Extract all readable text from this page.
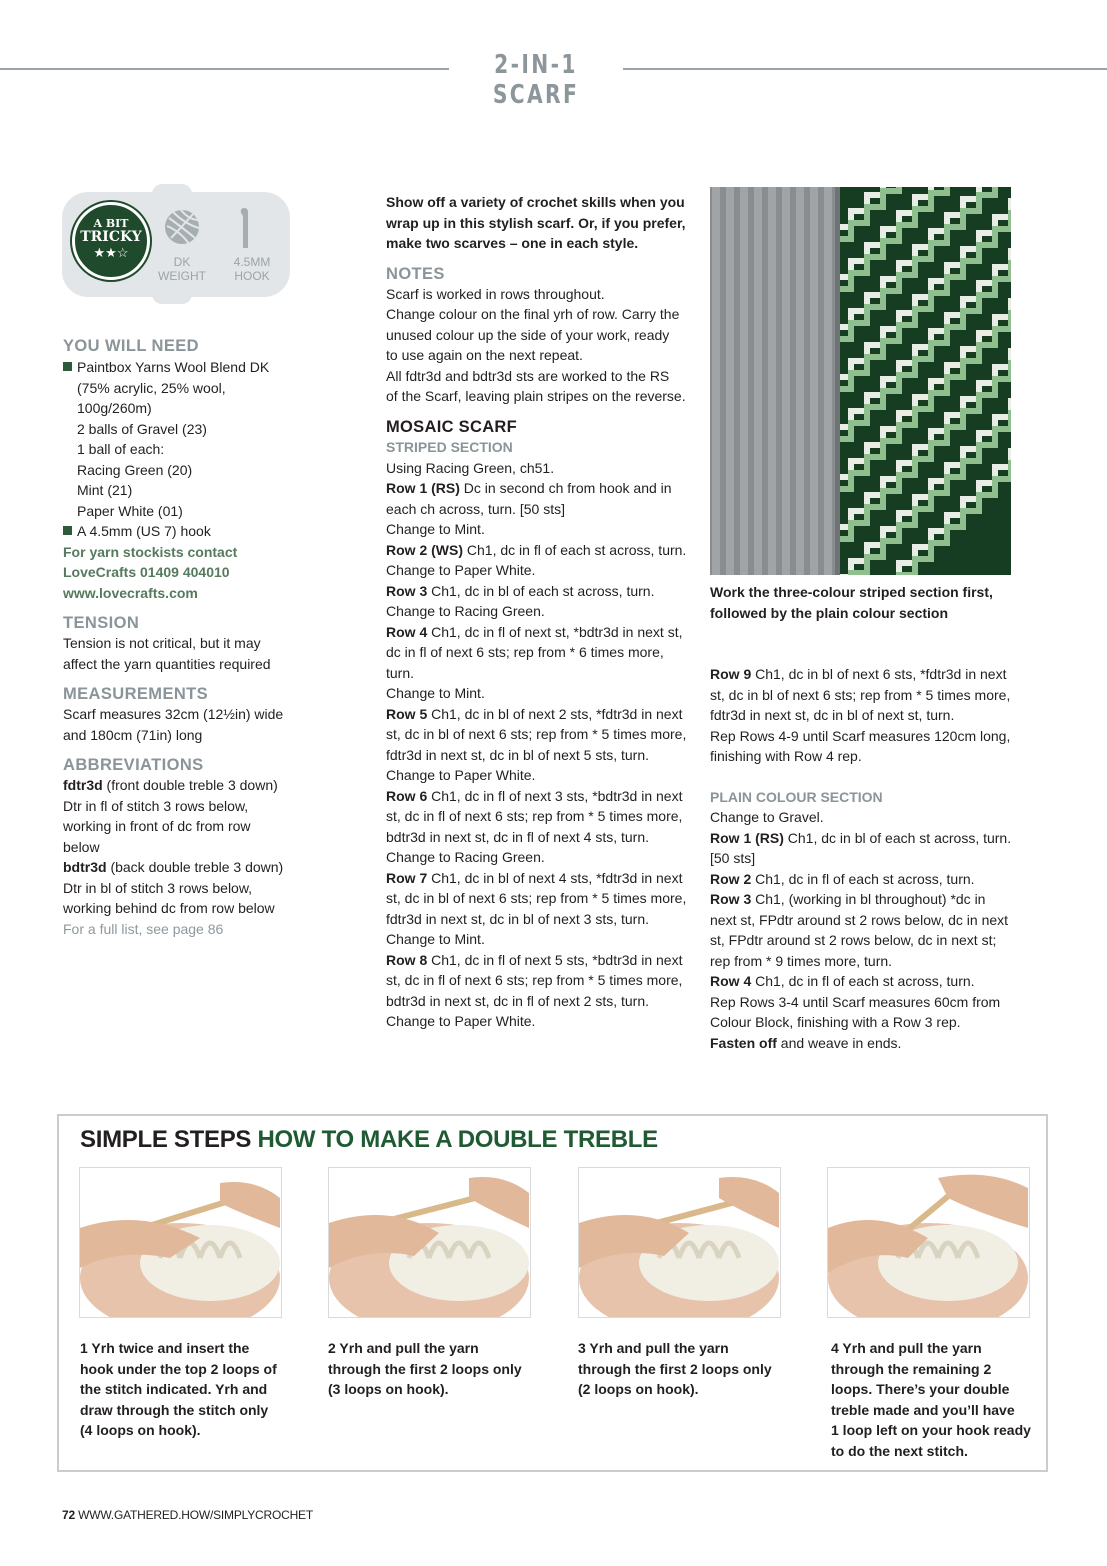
2-IN-1 SCARF
A BIT
TRICKY
★★☆
DK
WEIGHT
4.5MM
HOOK

YOU WILL NEED

Paintbox Yarns Wool Blend DK

(75% acrylic, 25% wool,

100g/260m)

2 balls of Gravel (23)

1 ball of each:

Racing Green (20)

Mint (21)

Paper White (01)

A 4.5mm (US 7) hook

For yarn stockists contact

LoveCrafts 01409 404010

www.lovecrafts.com

TENSION

Tension is not critical, but it may

affect the yarn quantities required

MEASUREMENTS

Scarf measures 32cm (12½in) wide

and 180cm (71in) long

ABBREVIATIONS

fdtr3d (front double treble 3 down)

Dtr in fl of stitch 3 rows below,

working in front of dc from row

below

bdtr3d (back double treble 3 down)

Dtr in bl of stitch 3 rows below,

working behind dc from row below

For a full list, see page 86

Show off a variety of crochet skills when you

wrap up in this stylish scarf. Or, if you prefer,

make two scarves – one in each style.

NOTES

Scarf is worked in rows throughout.

Change colour on the final yrh of row. Carry the

unused colour up the side of your work, ready

to use again on the next repeat.

All fdtr3d and bdtr3d sts are worked to the RS

of the Scarf, leaving plain stripes on the reverse.

MOSAIC SCARF

STRIPED SECTION

Using Racing Green, ch51.

Row 1 (RS) Dc in second ch from hook and in

each ch across, turn. [50 sts]

Change to Mint.

Row 2 (WS) Ch1, dc in fl of each st across, turn.

Change to Paper White.

Row 3 Ch1, dc in bl of each st across, turn.

Change to Racing Green.

Row 4 Ch1, dc in fl of next st, *bdtr3d in next st,

dc in fl of next 6 sts; rep from * 6 times more,

turn.

Change to Mint.

Row 5 Ch1, dc in bl of next 2 sts, *fdtr3d in next

st, dc in bl of next 6 sts; rep from * 5 times more,

fdtr3d in next st, dc in bl of next 5 sts, turn.

Change to Paper White.

Row 6 Ch1, dc in fl of next 3 sts, *bdtr3d in next

st, dc in fl of next 6 sts; rep from * 5 times more,

bdtr3d in next st, dc in fl of next 4 sts, turn.

Change to Racing Green.

Row 7 Ch1, dc in bl of next 4 sts, *fdtr3d in next

st, dc in bl of next 6 sts; rep from * 5 times more,

fdtr3d in next st, dc in bl of next 3 sts, turn.

Change to Mint.

Row 8 Ch1, dc in fl of next 5 sts, *bdtr3d in next

st, dc in fl of next 6 sts; rep from * 5 times more,

bdtr3d in next st, dc in fl of next 2 sts, turn.

Change to Paper White.

Work the three-colour striped section first,

followed by the plain colour section

Row 9 Ch1, dc in bl of next 6 sts, *fdtr3d in next

st, dc in bl of next 6 sts; rep from * 5 times more,

fdtr3d in next st, dc in bl of next st, turn.

Rep Rows 4-9 until Scarf measures 120cm long,

finishing with Row 4 rep.

PLAIN COLOUR SECTION

Change to Gravel.

Row 1 (RS) Ch1, dc in bl of each st across, turn.

[50 sts]

Row 2 Ch1, dc in fl of each st across, turn.

Row 3 Ch1, (working in bl throughout) *dc in

next st, FPdtr around st 2 rows below, dc in next

st, FPdtr around st 2 rows below, dc in next st;

rep from * 9 times more, turn.

Row 4 Ch1, dc in fl of each st across, turn.

Rep Rows 3-4 until Scarf measures 60cm from

Colour Block, finishing with a Row 3 rep.

Fasten off and weave in ends.

SIMPLE STEPS HOW TO MAKE A DOUBLE TREBLE

1 Yrh twice and insert the

hook under the top 2 loops of

the stitch indicated. Yrh and

draw through the stitch only

(4 loops on hook).

2 Yrh and pull the yarn

through the first 2 loops only

(3 loops on hook).

3 Yrh and pull the yarn

through the first 2 loops only

(2 loops on hook).

4 Yrh and pull the yarn

through the remaining 2

loops. There’s your double

treble made and you’ll have

1 loop left on your hook ready

to do the next stitch.

72 WWW.GATHERED.HOW/SIMPLYCROCHET
